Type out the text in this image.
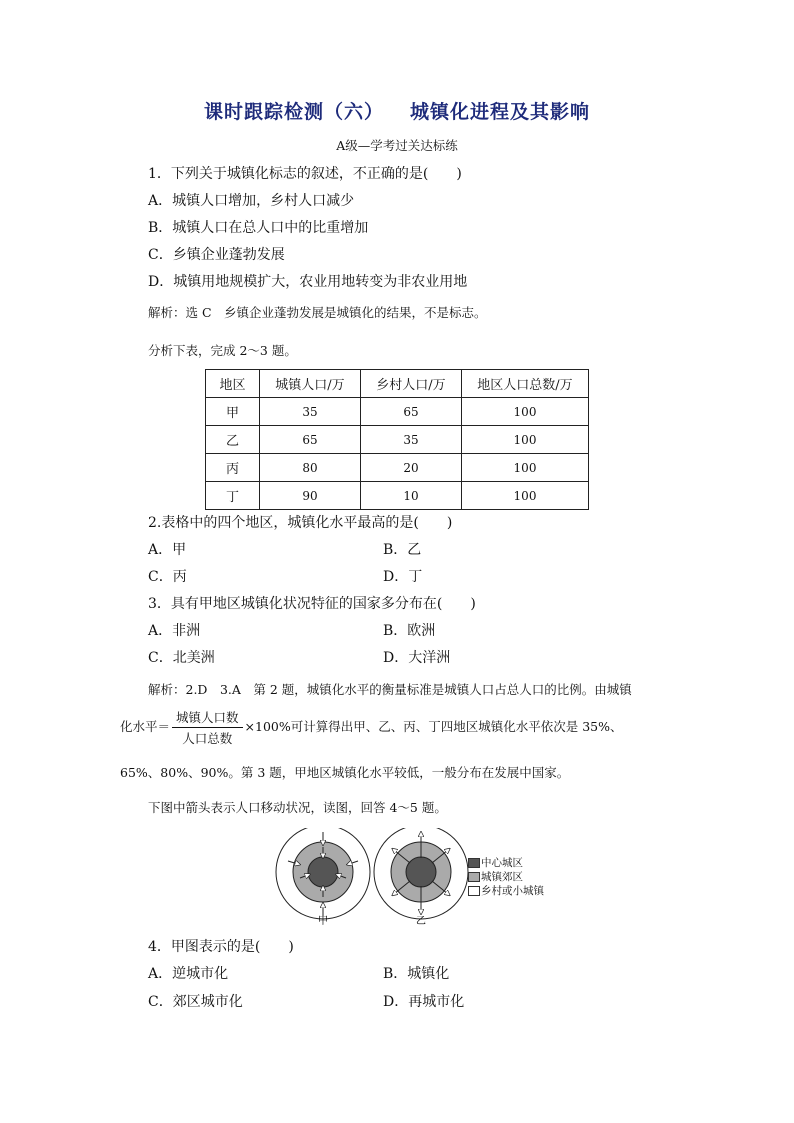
课时跟踪检测（六） 城镇化进程及其影响
A级—学考过关达标练
1．下列关于城镇化标志的叙述，不正确的是(　　)
A．城镇人口增加，乡村人口减少
B．城镇人口在总人口中的比重增加
C．乡镇企业蓬勃发展
D．城镇用地规模扩大，农业用地转变为非农业用地
解析：选 C　乡镇企业蓬勃发展是城镇化的结果，不是标志。
分析下表，完成 2～3 题。
地区	城镇人口/万	乡村人口/万	地区人口总数/万
甲	35	65	100
乙	65	35	100
丙	80	20	100
丁	90	10	100
2.表格中的四个地区，城镇化水平最高的是(　　)
A．甲	B．乙
C．丙	D．丁
3．具有甲地区城镇化状况特征的国家多分布在(　　)
A．非洲	B．欧洲
C．北美洲	D．大洋洲
解析：2.D　3.A　第 2 题，城镇化水平的衡量标准是城镇人口占总人口的比例。由城镇
化水平＝ $\frac{\text{城镇人口数}}{\text{人口总数}} \times 100\%$可计算得出甲、乙、丙、丁四地区城镇化水平依次是 35%、
65%、80%、90%。第 3 题，甲地区城镇化水平较低，一般分布在发展中国家。
下图中箭头表示人口移动状况，读图，回答 4～5 题。
甲	乙
中心城区
城镇郊区
乡村或小城镇
4．甲图表示的是(　　)
A．逆城市化	B．城镇化
C．郊区城市化	D．再城市化
